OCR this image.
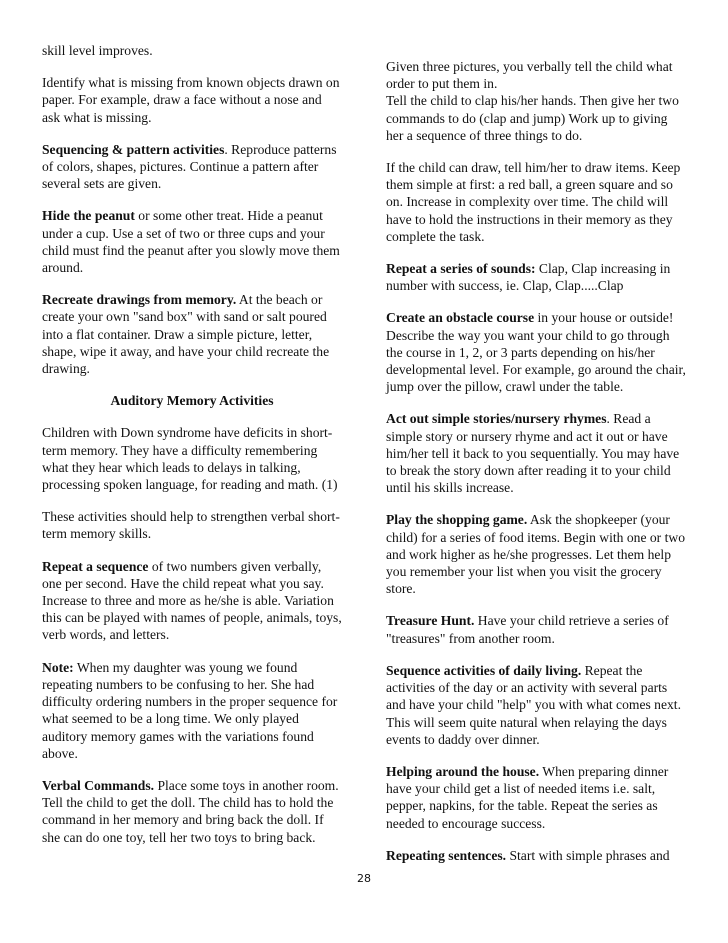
skill level improves.

Identify what is missing from known objects drawn on paper. For example, draw a face without a nose and ask what is missing.

Sequencing & pattern activities. Reproduce patterns of colors, shapes, pictures. Continue a pattern after several sets are given.

Hide the peanut or some other treat. Hide a peanut under a cup. Use a set of two or three cups and your child must find the peanut after you slowly move them around.

Recreate drawings from memory. At the beach or create your own "sand box" with sand or salt poured into a flat container. Draw a simple picture, letter, shape, wipe it away, and have your child recreate the drawing.

Auditory Memory Activities

Children with Down syndrome have deficits in short-term memory. They have a difficulty remembering what they hear which leads to delays in talking, processing spoken language, for reading and math. (1)

These activities should help to strengthen verbal short-term memory skills.

Repeat a sequence of two numbers given verbally, one per second. Have the child repeat what you say. Increase to three and more as he/she is able. Variation this can be played with names of people, animals, toys, verb words, and letters.

Note: When my daughter was young we found repeating numbers to be confusing to her. She had difficulty ordering numbers in the proper sequence for what seemed to be a long time. We only played auditory memory games with the variations found above.

Verbal Commands. Place some toys in another room. Tell the child to get the doll. The child has to hold the command in her memory and bring back the doll. If she can do one toy, tell her two toys to bring back.

Given three pictures, you verbally tell the child what order to put them in.

Tell the child to clap his/her hands. Then give her two commands to do (clap and jump) Work up to giving her a sequence of three things to do.

If the child can draw, tell him/her to draw items. Keep them simple at first: a red ball, a green square and so on. Increase in complexity over time. The child will have to hold the instructions in their memory as they complete the task.

Repeat a series of sounds: Clap, Clap increasing in number with success, ie. Clap, Clap.....Clap

Create an obstacle course in your house or outside! Describe the way you want your child to go through the course in 1, 2, or 3 parts depending on his/her developmental level. For example, go around the chair, jump over the pillow, crawl under the table.

Act out simple stories/nursery rhymes. Read a simple story or nursery rhyme and act it out or have him/her tell it back to you sequentially. You may have to break the story down after reading it to your child until his skills increase.

Play the shopping game. Ask the shopkeeper (your child) for a series of food items. Begin with one or two and work higher as he/she progresses. Let them help you remember your list when you visit the grocery store.

Treasure Hunt. Have your child retrieve a series of "treasures" from another room.

Sequence activities of daily living. Repeat the activities of the day or an activity with several parts and have your child "help" you with what comes next. This will seem quite natural when relaying the days events to daddy over dinner.

Helping around the house. When preparing dinner have your child get a list of needed items i.e. salt, pepper, napkins, for the table. Repeat the series as needed to encourage success.

Repeating sentences. Start with simple phrases and

28
